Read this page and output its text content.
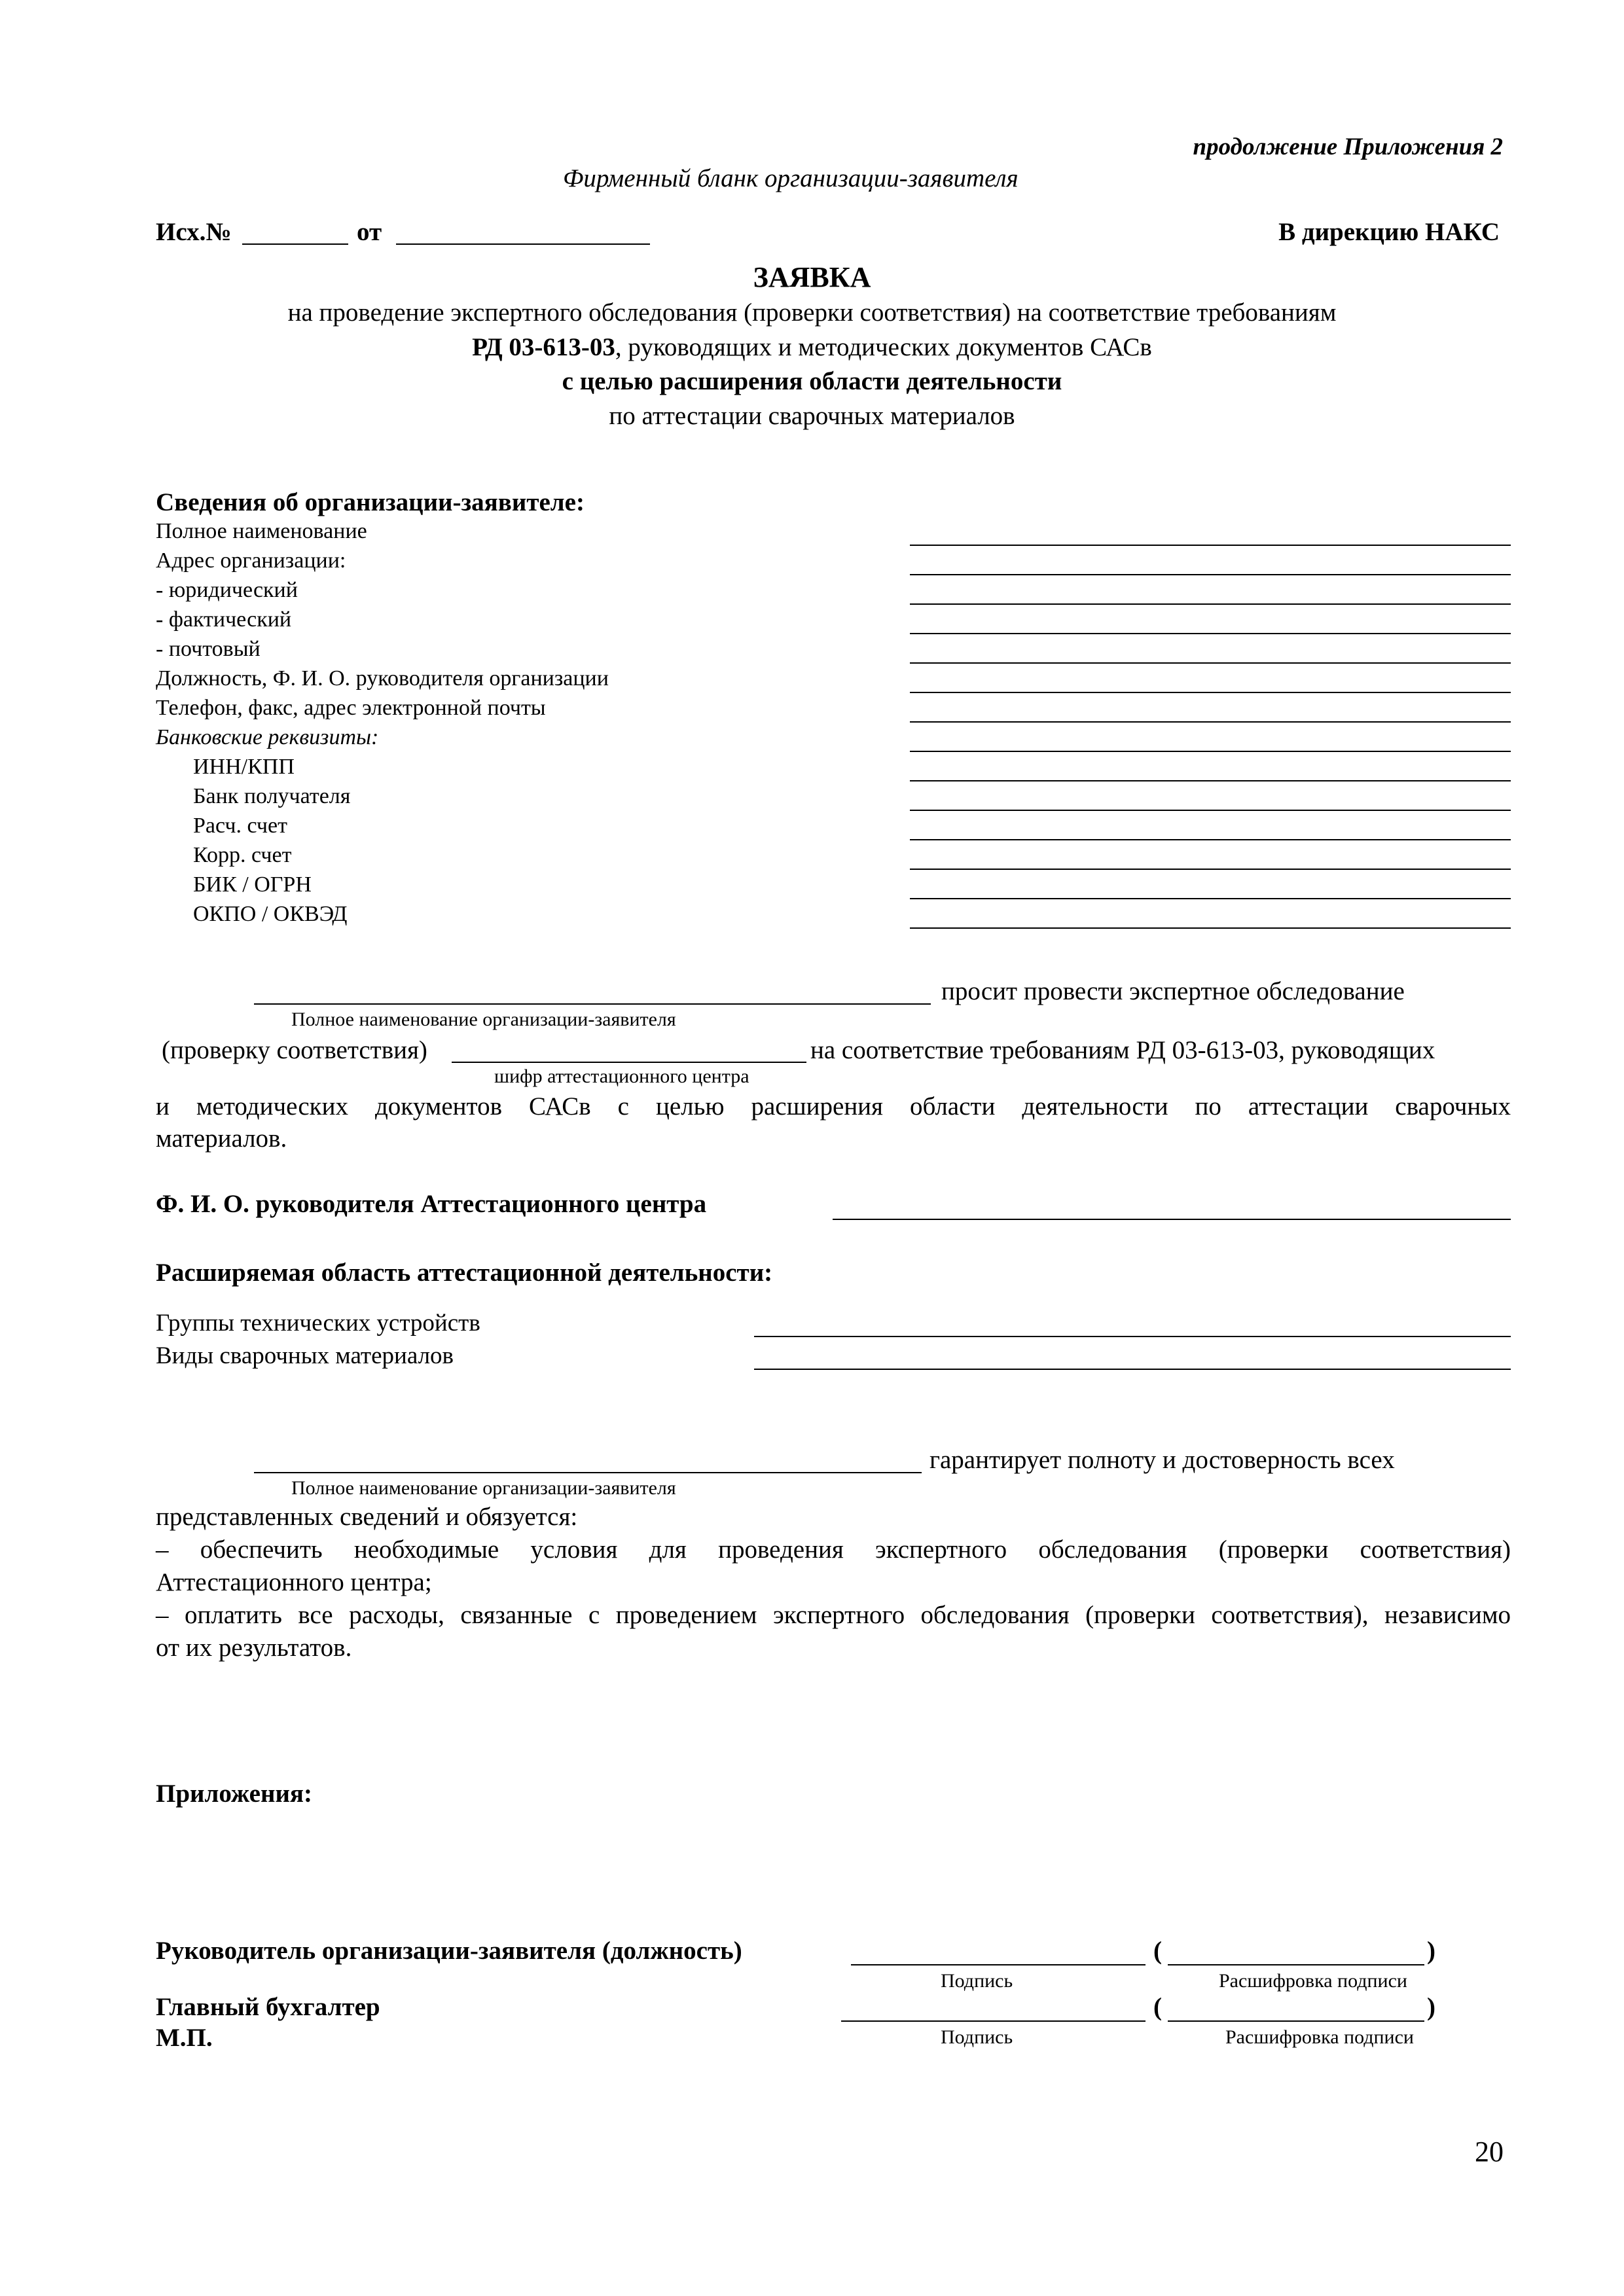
продолжение Приложения 2
Фирменный бланк организации-заявителя
Исх.№	от	В дирекцию НАКС
ЗАЯВКА
на проведение экспертного обследования (проверки соответствия) на соответствие требованиям
РД 03-613-03, руководящих и методических документов САСв
с целью расширения области деятельности
по аттестации сварочных материалов
Сведения об организации-заявителе:
Полное наименование
Адрес организации:
- юридический
- фактический
- почтовый
Должность, Ф. И. О. руководителя организации
Телефон, факс, адрес электронной почты
Банковские реквизиты:
ИНН/КПП
Банк получателя
Расч. счет
Корр. счет
БИК / ОГРН
ОКПО / ОКВЭД
просит провести экспертное обследование
Полное наименование организации-заявителя
(проверку соответствия)	на соответствие требованиям РД 03-613-03, руководящих
шифр аттестационного центра
и методических документов САСв с целью расширения области деятельности по аттестации сварочных
материалов.
Ф. И. О. руководителя Аттестационного центра
Расширяемая область аттестационной деятельности:
Группы технических устройств
Виды сварочных материалов
гарантирует полноту и достоверность всех
Полное наименование организации-заявителя
представленных сведений и обязуется:
– обеспечить необходимые условия для проведения экспертного обследования (проверки соответствия)
Аттестационного центра;
– оплатить все расходы, связанные с проведением экспертного обследования (проверки соответствия), независимо
от их результатов.
Приложения:
Руководитель организации-заявителя (должность)	(	)
Подпись	Расшифровка подписи
Главный бухгалтер	(	)
М.П.	Подпись	Расшифровка подписи
20
